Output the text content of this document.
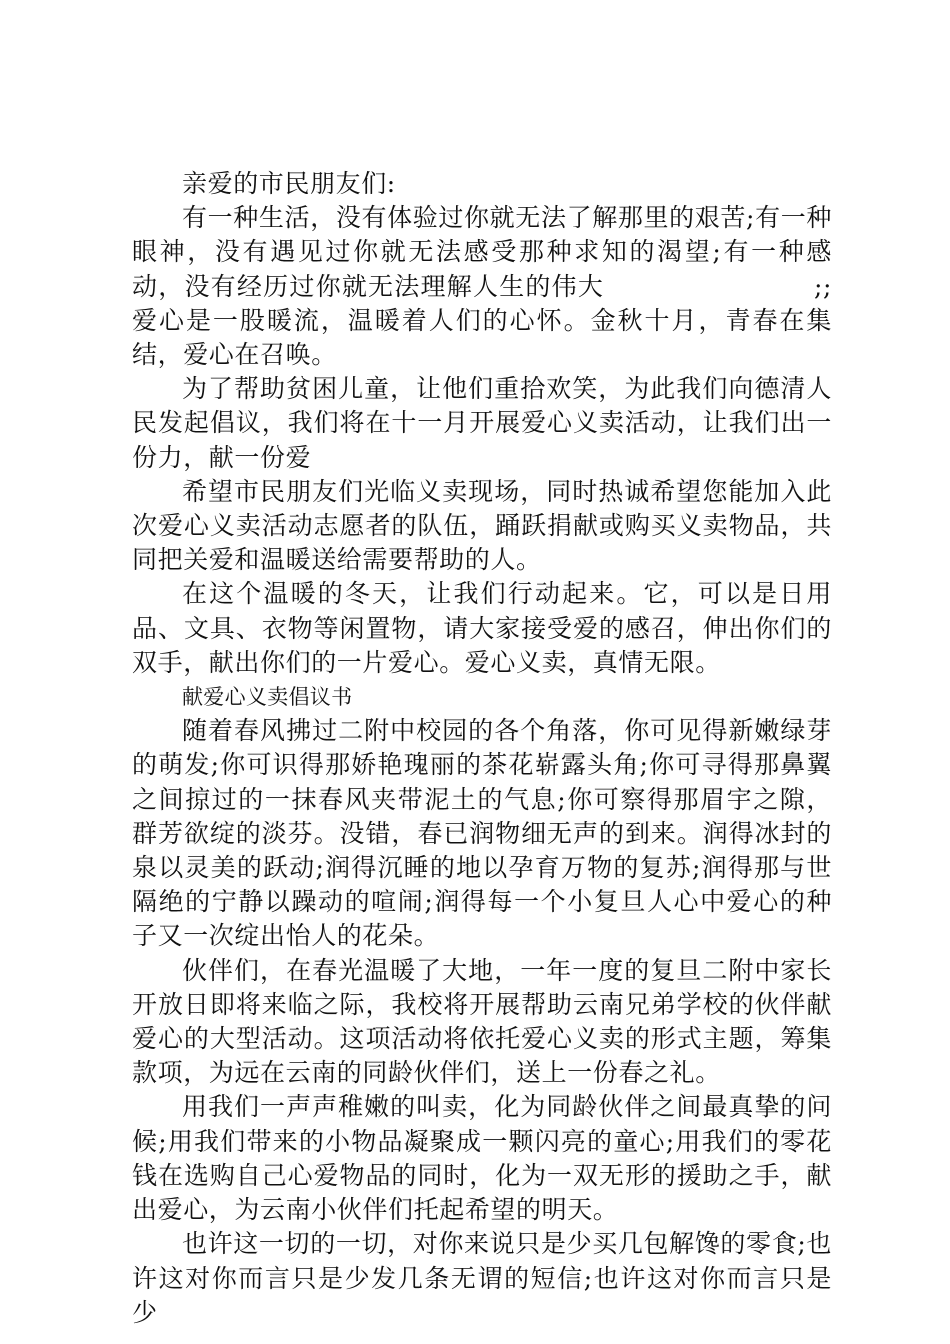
亲爱的市民朋友们:

有一种生活，没有体验过你就无法了解那里的艰苦;有一种眼神，没有遇见过你就无法感受那种求知的渴望;有一种感动，没有经历过你就无法理解人生的伟大　　　　　　　　;;爱心是一股暖流，温暖着人们的心怀。金秋十月，青春在集结，爱心在召唤。

为了帮助贫困儿童，让他们重拾欢笑，为此我们向德清人民发起倡议，我们将在十一月开展爱心义卖活动，让我们出一份力，献一份爱

希望市民朋友们光临义卖现场，同时热诚希望您能加入此次爱心义卖活动志愿者的队伍，踊跃捐献或购买义卖物品，共同把关爱和温暖送给需要帮助的人。

在这个温暖的冬天，让我们行动起来。它，可以是日用品、文具、衣物等闲置物，请大家接受爱的感召，伸出你们的双手，献出你们的一片爱心。爱心义卖，真情无限。

献爱心义卖倡议书

随着春风拂过二附中校园的各个角落，你可见得新嫩绿芽的萌发;你可识得那娇艳瑰丽的茶花崭露头角;你可寻得那鼻翼之间掠过的一抹春风夹带泥土的气息;你可察得那眉宇之隙，群芳欲绽的淡芬。没错，春已润物细无声的到来。润得冰封的泉以灵美的跃动;润得沉睡的地以孕育万物的复苏;润得那与世隔绝的宁静以躁动的喧闹;润得每一个小复旦人心中爱心的种子又一次绽出怡人的花朵。

伙伴们，在春光温暖了大地，一年一度的复旦二附中家长开放日即将来临之际，我校将开展帮助云南兄弟学校的伙伴献爱心的大型活动。这项活动将依托爱心义卖的形式主题，筹集款项，为远在云南的同龄伙伴们，送上一份春之礼。

用我们一声声稚嫩的叫卖，化为同龄伙伴之间最真挚的问候;用我们带来的小物品凝聚成一颗闪亮的童心;用我们的零花钱在选购自己心爱物品的同时，化为一双无形的援助之手，献出爱心，为云南小伙伴们托起希望的明天。

也许这一切的一切，对你来说只是少买几包解馋的零食;也许这对你而言只是少发几条无谓的短信;也许这对你而言只是少
